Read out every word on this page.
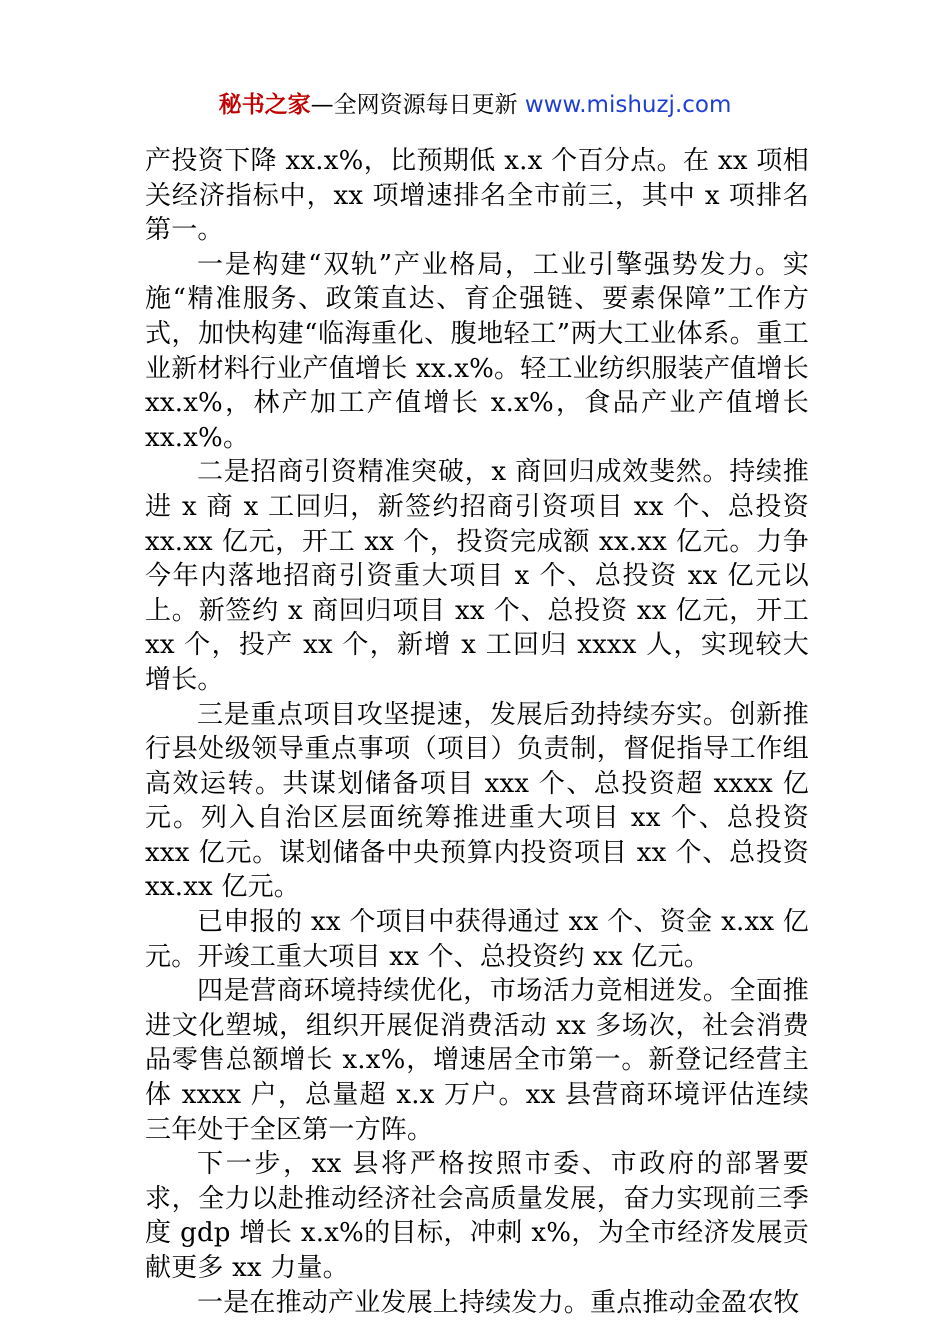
秘书之家—全网资源每日更新 www.mishuzj.com

产投资下降 xx.x%，比预期低 x.x 个百分点。在 xx 项相关经济指标中，xx 项增速排名全市前三，其中 x 项排名第一。

一是构建“双轨”产业格局，工业引擎强势发力。实施“精准服务、政策直达、育企强链、要素保障”工作方式，加快构建“临海重化、腹地轻工”两大工业体系。重工业新材料行业产值增长 xx.x%。轻工业纺织服装产值增长 xx.x%，林产加工产值增长 x.x%，食品产业产值增长 xx.x%。

二是招商引资精准突破，x 商回归成效斐然。持续推进 x 商 x 工回归，新签约招商引资项目 xx 个、总投资 xx.xx 亿元，开工 xx 个，投资完成额 xx.xx 亿元。力争今年内落地招商引资重大项目 x 个、总投资 xx 亿元以上。新签约 x 商回归项目 xx 个、总投资 xx 亿元，开工 xx 个，投产 xx 个，新增 x 工回归 xxxx 人，实现较大增长。

三是重点项目攻坚提速，发展后劲持续夯实。创新推行县处级领导重点事项（项目）负责制，督促指导工作组高效运转。共谋划储备项目 xxx 个、总投资超 xxxx 亿元。列入自治区层面统筹推进重大项目 xx 个、总投资 xxx 亿元。谋划储备中央预算内投资项目 xx 个、总投资 xx.xx 亿元。

已申报的 xx 个项目中获得通过 xx 个、资金 x.xx 亿元。开竣工重大项目 xx 个、总投资约 xx 亿元。

四是营商环境持续优化，市场活力竞相迸发。全面推进文化塑城，组织开展促消费活动 xx 多场次，社会消费品零售总额增长 x.x%，增速居全市第一。新登记经营主体 xxxx 户，总量超 x.x 万户。xx 县营商环境评估连续三年处于全区第一方阵。

下一步，xx 县将严格按照市委、市政府的部署要求，全力以赴推动经济社会高质量发展，奋力实现前三季度 gdp 增长 x.x%的目标，冲刺 x%，为全市经济发展贡献更多 xx 力量。

一是在推动产业发展上持续发力。重点推动金盈农牧
